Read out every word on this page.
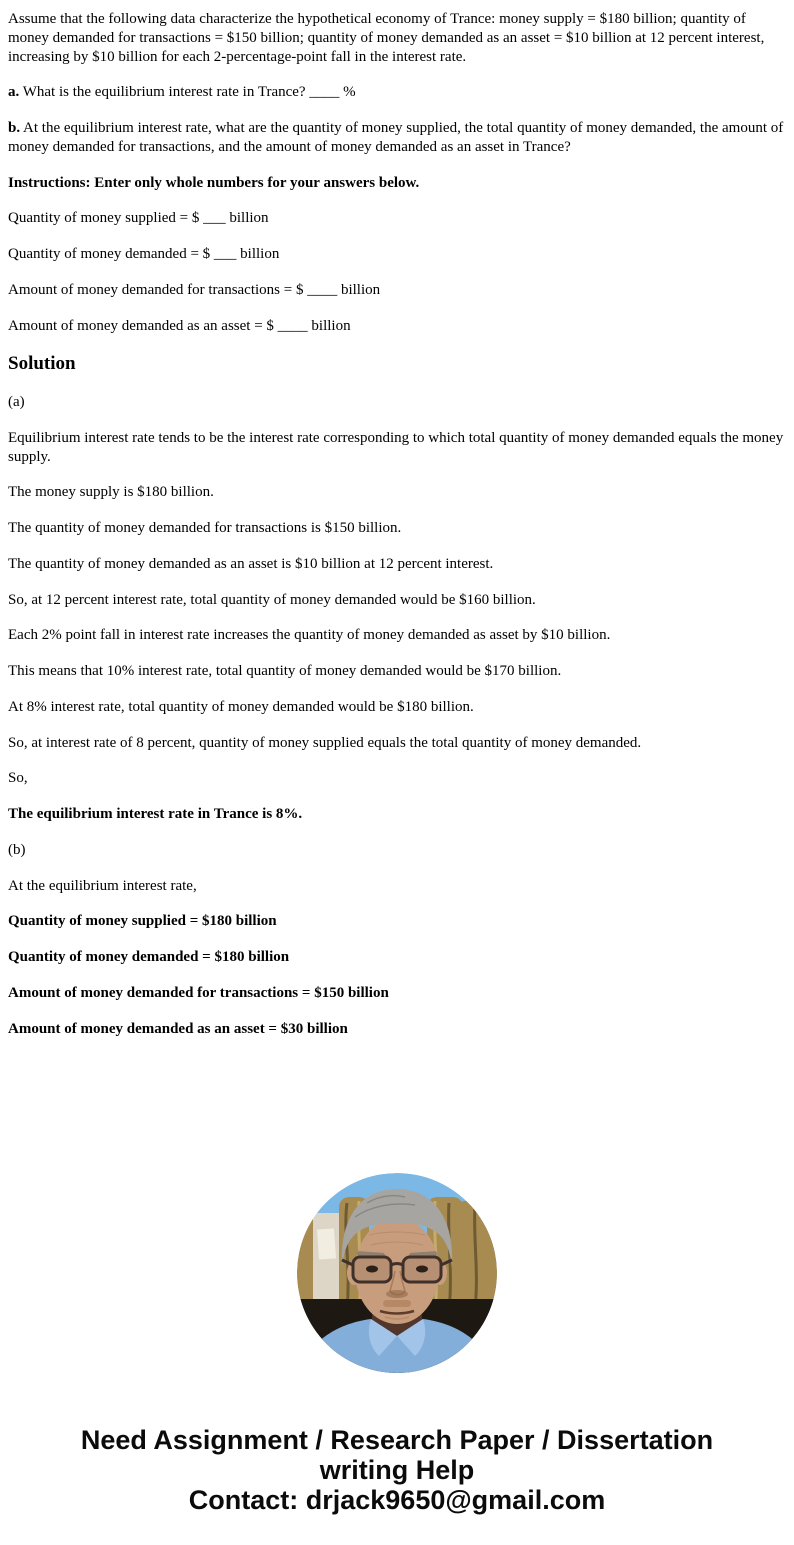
Assume that the following data characterize the hypothetical economy of Trance: money supply = $180 billion; quantity of money demanded for transactions = $150 billion; quantity of money demanded as an asset = $10 billion at 12 percent interest, increasing by $10 billion for each 2-percentage-point fall in the interest rate.

a. What is the equilibrium interest rate in Trance? ____ %

b. At the equilibrium interest rate, what are the quantity of money supplied, the total quantity of money demanded, the amount of money demanded for transactions, and the amount of money demanded as an asset in Trance?

Instructions: Enter only whole numbers for your answers below.

Quantity of money supplied = $ ___ billion

Quantity of money demanded = $ ___ billion

Amount of money demanded for transactions = $ ____ billion

Amount of money demanded as an asset = $ ____ billion

Solution

(a)

Equilibrium interest rate tends to be the interest rate corresponding to which total quantity of money demanded equals the money supply.

The money supply is $180 billion.

The quantity of money demanded for transactions is $150 billion.

The quantity of money demanded as an asset is $10 billion at 12 percent interest.

So, at 12 percent interest rate, total quantity of money demanded would be $160 billion.

Each 2% point fall in interest rate increases the quantity of money demanded as asset by $10 billion.

This means that 10% interest rate, total quantity of money demanded would be $170 billion.

At 8% interest rate, total quantity of money demanded would be $180 billion.

So, at interest rate of 8 percent, quantity of money supplied equals the total quantity of money demanded.

So,

The equilibrium interest rate in Trance is 8%.

(b)

At the equilibrium interest rate,

Quantity of money supplied = $180 billion

Quantity of money demanded = $180 billion

Amount of money demanded for transactions = $150 billion

Amount of money demanded as an asset = $30 billion

Need Assignment / Research Paper / Dissertation
writing Help
Contact: drjack9650@gmail.com
